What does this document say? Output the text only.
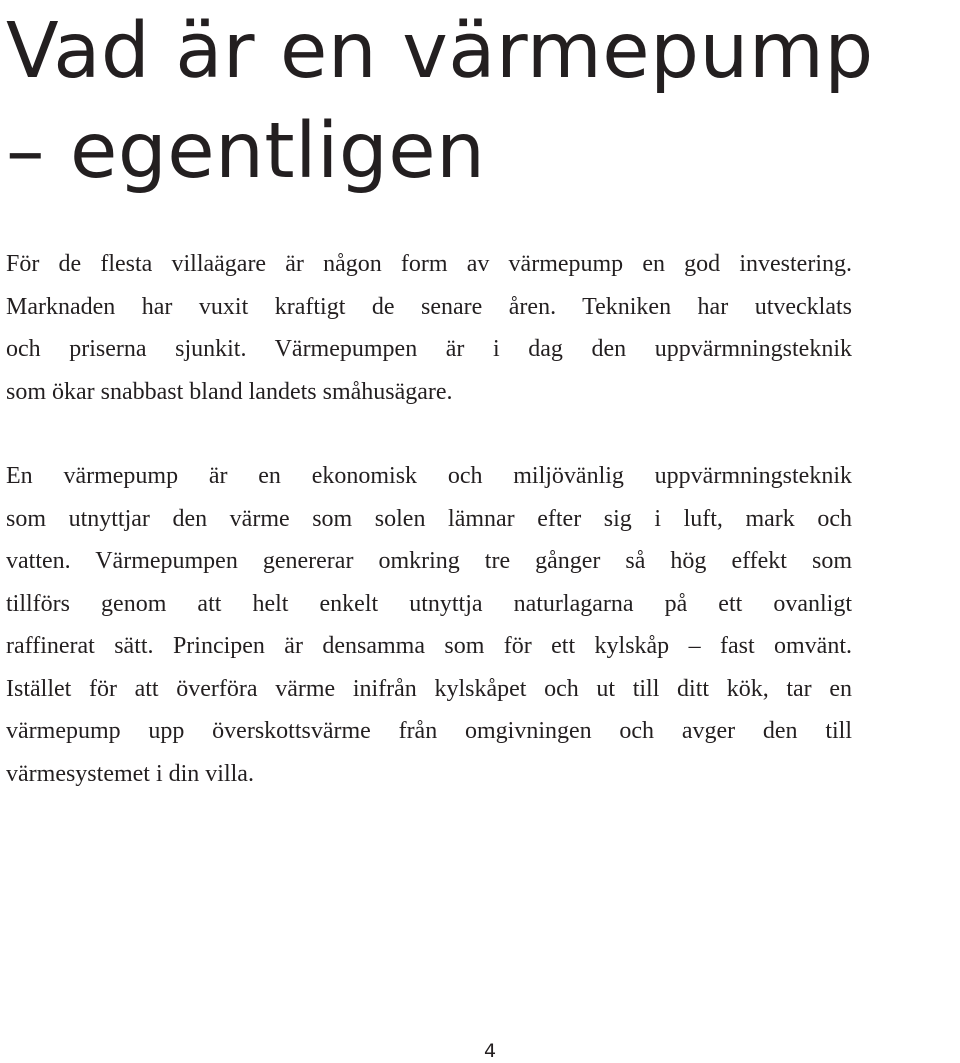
Vad är en värmepump
– egentligen

För de flesta villaägare är någon form av värmepump en god investering.
Marknaden har vuxit kraftigt de senare åren. Tekniken har utvecklats
och priserna sjunkit. Värmepumpen är i dag den uppvärmningsteknik
som ökar snabbast bland landets småhusägare.

En värmepump är en ekonomisk och miljövänlig uppvärmningsteknik
som utnyttjar den värme som solen lämnar efter sig i luft, mark och
vatten. Värmepumpen genererar omkring tre gånger så hög effekt som
tillförs genom att helt enkelt utnyttja naturlagarna på ett ovanligt
raffinerat sätt. Principen är densamma som för ett kylskåp – fast omvänt.
Istället för att överföra värme inifrån kylskåpet och ut till ditt kök, tar en
värmepump upp överskottsvärme från omgivningen och avger den till
värmesystemet i din villa.

4
